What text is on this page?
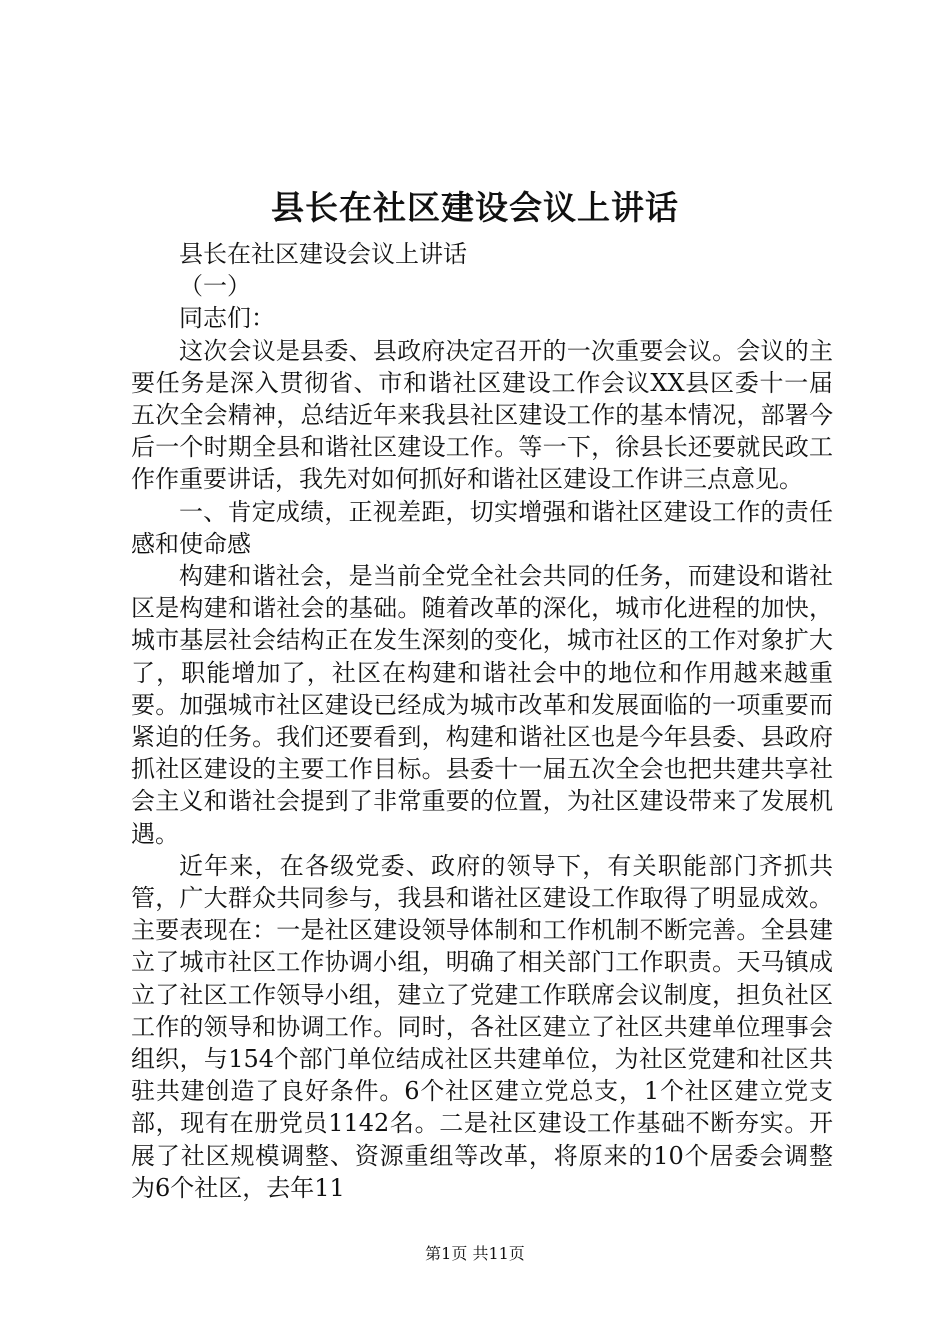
县长在社区建设会议上讲话

县长在社区建设会议上讲话

（一）

同志们：

这次会议是县委、县政府决定召开的一次重要会议。会议的主要任务是深入贯彻省、市和谐社区建设工作会议XX县区委十一届五次全会精神，总结近年来我县社区建设工作的基本情况，部署今后一个时期全县和谐社区建设工作。等一下，徐县长还要就民政工作作重要讲话，我先对如何抓好和谐社区建设工作讲三点意见。

一、肯定成绩，正视差距，切实增强和谐社区建设工作的责任感和使命感

构建和谐社会，是当前全党全社会共同的任务，而建设和谐社区是构建和谐社会的基础。随着改革的深化，城市化进程的加快，城市基层社会结构正在发生深刻的变化，城市社区的工作对象扩大了，职能增加了，社区在构建和谐社会中的地位和作用越来越重要。加强城市社区建设已经成为城市改革和发展面临的一项重要而紧迫的任务。我们还要看到，构建和谐社区也是今年县委、县政府抓社区建设的主要工作目标。县委十一届五次全会也把共建共享社会主义和谐社会提到了非常重要的位置，为社区建设带来了发展机遇。

近年来，在各级党委、政府的领导下，有关职能部门齐抓共管，广大群众共同参与，我县和谐社区建设工作取得了明显成效。主要表现在：一是社区建设领导体制和工作机制不断完善。全县建立了城市社区工作协调小组，明确了相关部门工作职责。天马镇成立了社区工作领导小组，建立了党建工作联席会议制度，担负社区工作的领导和协调工作。同时，各社区建立了社区共建单位理事会组织，与154个部门单位结成社区共建单位，为社区党建和社区共驻共建创造了良好条件。6个社区建立党总支，1个社区建立党支部，现有在册党员1142名。二是社区建设工作基础不断夯实。开展了社区规模调整、资源重组等改革，将原来的10个居委会调整为6个社区，去年11

第1页 共11页
